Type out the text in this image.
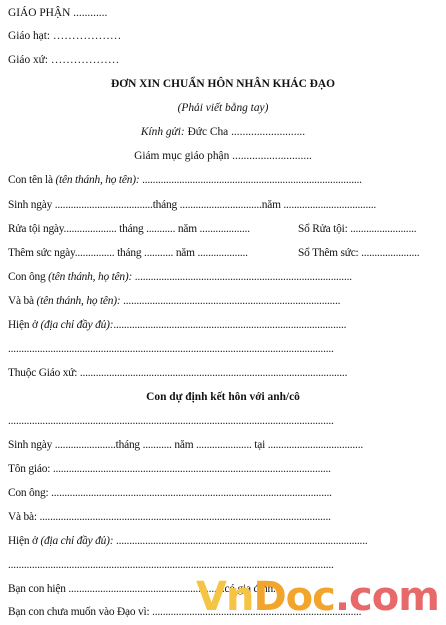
GIÁO PHẬN ............
Giáo hạt: ………………
Giáo xứ: ………………
ĐƠN XIN CHUẨN HÔN NHÂN KHÁC ĐẠO
(Phải viết bằng tay)
Kính gửi: Đức Cha ..........................
Giám mục giáo phận ............................
Con tên là (tên thánh, họ tên): ...................................................................................
Sinh ngày .....................................tháng ...............................năm ...................................
Rửa tội ngày.................... tháng ........... năm ...................	Sổ Rửa tội: .........................
Thêm sức ngày............... tháng ........... năm ...................	Sổ Thêm sức: ......................
Con ông (tên thánh, họ tên): ..................................................................................
Và bà (tên thánh, họ tên): ..................................................................................
Hiện ở (địa chỉ đầy đủ):........................................................................................
...........................................................................................................................
Thuộc Giáo xứ: .....................................................................................................
Con dự định kết hôn với anh/cô
...........................................................................................................................
Sinh ngày .......................tháng ........... năm ..................... tại ....................................
Tôn giáo: .........................................................................................................
Con ông: ..........................................................................................................
Và bà: ..............................................................................................................
Hiện ở (địa chỉ đầy đủ): ...............................................................................................
...........................................................................................................................
Bạn con hiện ...........................................................có gia đình.
Bạn con chưa muốn vào Đạo vì: ...............................................................................
VnDoc.com
